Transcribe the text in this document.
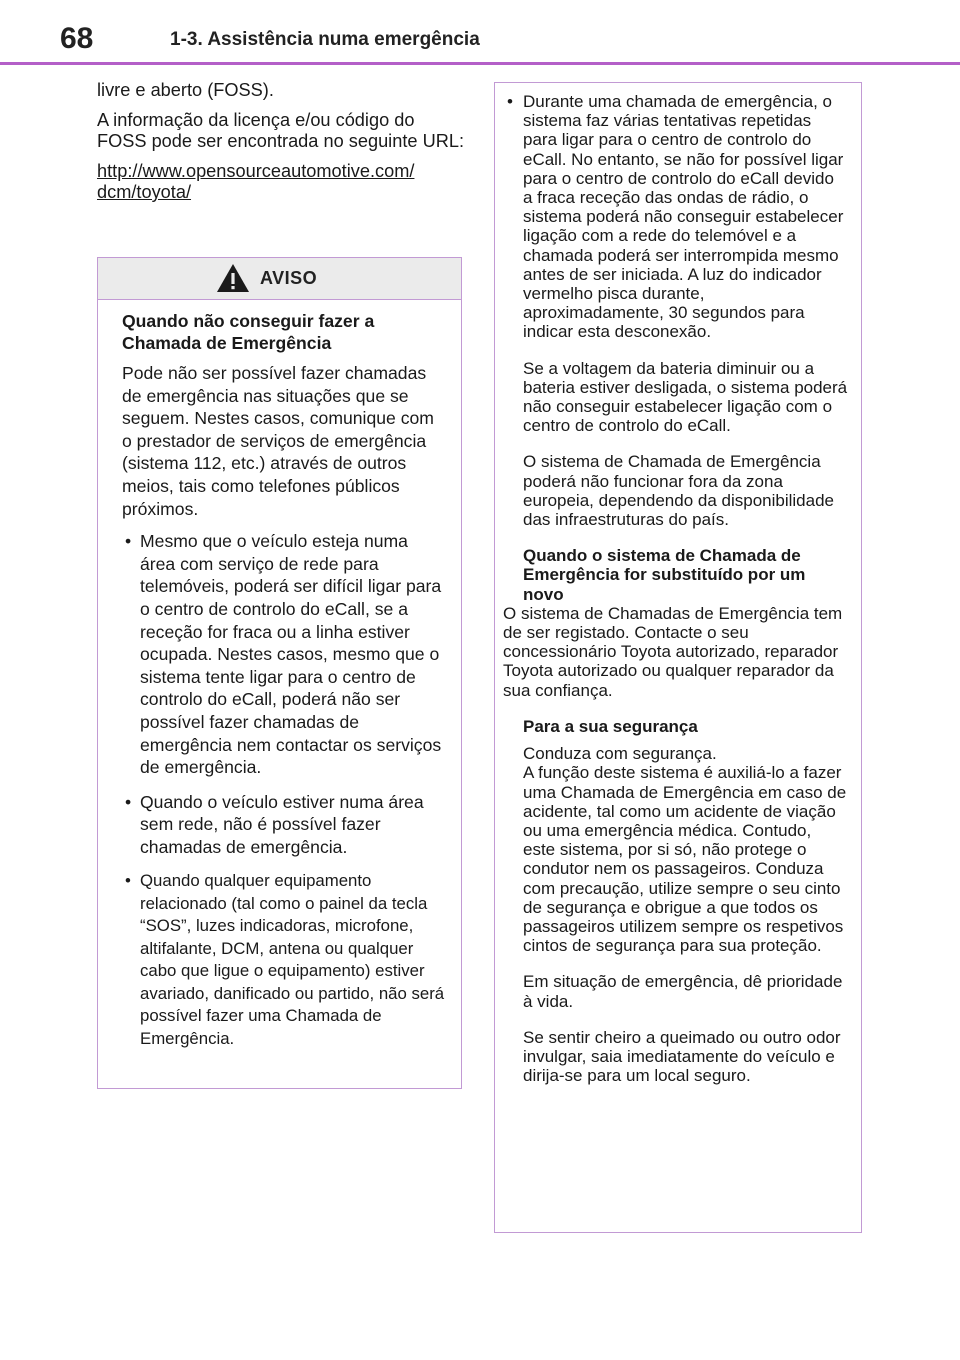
68	1-3. Assistência numa emergência

livre e aberto (FOSS).

A informação da licença e/ou código do FOSS pode ser encontrada no seguinte URL:

http://www.opensourceautomotive.com/
dcm/toyota/

AVISO

Quando não conseguir fazer a Chamada de Emergência

Pode não ser possível fazer chamadas de emergência nas situações que se seguem. Nestes casos, comunique com o prestador de serviços de emergência (sistema 112, etc.) através de outros meios, tais como telefones públicos próximos.

• Mesmo que o veículo esteja numa área com serviço de rede para telemóveis, poderá ser difícil ligar para o centro de controlo do eCall, se a receção for fraca ou a linha estiver ocupada. Nestes casos, mesmo que o sistema tente ligar para o centro de controlo do eCall, poderá não ser possível fazer chamadas de emergência nem contactar os serviços de emergência.
• Quando o veículo estiver numa área sem rede, não é possível fazer chamadas de emergência.
• Quando qualquer equipamento relacionado (tal como o painel da tecla “SOS”, luzes indicadoras, microfone, altifalante, DCM, antena ou qualquer cabo que ligue o equipamento) estiver avariado, danificado ou partido, não será possível fazer uma Chamada de Emergência.
• Durante uma chamada de emergência, o sistema faz várias tentativas repetidas para ligar para o centro de controlo do eCall. No entanto, se não for possível ligar para o centro de controlo do eCall devido a fraca receção das ondas de rádio, o sistema poderá não conseguir estabelecer ligação com a rede do telemóvel e a chamada poderá ser interrompida mesmo antes de ser iniciada. A luz do indicador vermelho pisca durante, aproximadamente, 30 segundos para indicar esta desconexão.

Se a voltagem da bateria diminuir ou a bateria estiver desligada, o sistema poderá não conseguir estabelecer ligação com o centro de controlo do eCall.

O sistema de Chamada de Emergência poderá não funcionar fora da zona europeia, dependendo da disponibilidade das infraestruturas do país.

Quando o sistema de Chamada de Emergência for substituído por um novo

O sistema de Chamadas de Emergência tem de ser registado. Contacte o seu concessionário Toyota autorizado, reparador Toyota autorizado ou qualquer reparador da sua confiança.

Para a sua segurança

Conduza com segurança.

A função deste sistema é auxiliá-lo a fazer uma Chamada de Emergência em caso de acidente, tal como um acidente de viação ou uma emergência médica. Contudo, este sistema, por si só, não protege o condutor nem os passageiros. Conduza com precaução, utilize sempre o seu cinto de segurança e obrigue a que todos os passageiros utilizem sempre os respetivos cintos de segurança para sua proteção.

Em situação de emergência, dê prioridade à vida.

Se sentir cheiro a queimado ou outro odor invulgar, saia imediatamente do veículo e dirija-se para um local seguro.
